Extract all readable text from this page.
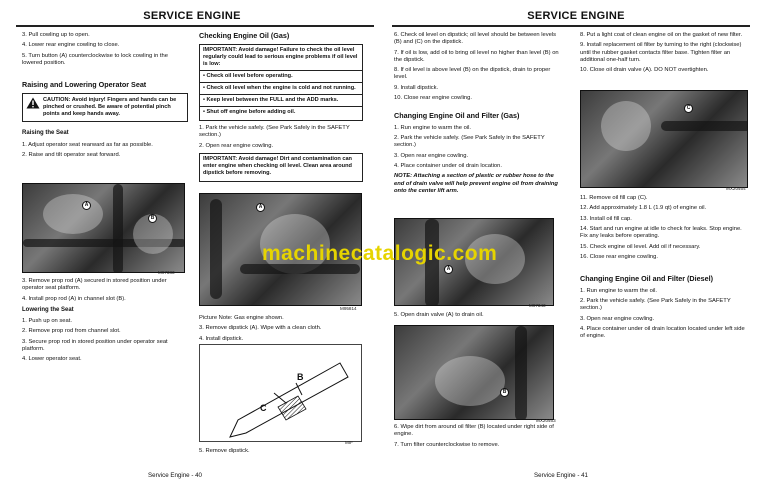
SERVICE ENGINE

3. Pull cowling up to open.

4. Lower rear engine cowling to close.

5. Turn button (A) counterclockwise to lock cowling in the lowered position.

Raising and Lowering Operator Seat
CAUTION: Avoid injury! Fingers and hands can be pinched or crushed. Be aware of potential pinch points and keep hands away.
Raising the Seat

1. Adjust operator seat rearward as far as possible.

2. Raise and tilt operator seat forward.

A
B
M97383

3. Remove prop rod (A) secured in stored position under operator seat platform.

4. Install prop rod (A) in channel slot (B).

Lowering the Seat

1. Push up on seat.

2. Remove prop rod from channel slot.

3. Secure prop rod in stored position under operator seat platform.

4. Lower operator seat.

Checking Engine Oil (Gas)

IMPORTANT: Avoid damage! Failure to check the oil level regularly could lead to serious engine problems if oil level is low:

• Check oil level before operating.

• Check oil level when the engine is cold and not running.

• Keep level between the FULL and the ADD marks.

• Shut off engine before adding oil.

1. Park the vehicle safely. (See Park Safely in the SAFETY section.)

2. Open rear engine cowling.

IMPORTANT: Avoid damage! Dirt and contamination can enter engine when checking oil level. Clean area around dipstick before removing.

A
M95814

Picture Note: Gas engine shown.

3. Remove dipstick (A). Wipe with a clean cloth.

4. Install dipstick.

C
B
MIF

5. Remove dipstick.

Service Engine - 40
SERVICE ENGINE

6. Check oil level on dipstick; oil level should be between levels (B) and (C) on the dipstick.

7. If oil is low, add oil to bring oil level no higher than level (B) on the dipstick.

8. If oil level is above level (B) on the dipstick, drain to proper level.

9. Install dipstick.

10. Close rear engine cowling.

Changing Engine Oil and Filter (Gas)

1. Run engine to warm the oil.

2. Park the vehicle safely. (See Park Safely in the SAFETY section.)

3. Open rear engine cowling.

4. Place container under oil drain location.

NOTE: Attaching a section of plastic or rubber hose to the end of drain valve will help prevent engine oil from draining onto the center lift arm.

A
M97343

5. Open drain valve (A) to drain oil.

B
MX20463

6. Wipe dirt from around oil filter (B) located under right side of engine.

7. Turn filter counterclockwise to remove.

8. Put a light coat of clean engine oil on the gasket of new filter.

9. Install replacement oil filter by turning to the right (clockwise) until the rubber gasket contacts filter base. Tighten filter an additional one-half turn.

10. Close oil drain valve (A). DO NOT overtighten.

C
MX20464

11. Remove oil fill cap (C).

12. Add approximately 1.8 L (1.9 qt) of engine oil.

13. Install oil fill cap.

14. Start and run engine at idle to check for leaks. Stop engine. Fix any leaks before operating.

15. Check engine oil level. Add oil if necessary.

16. Close rear engine cowling.

Changing Engine Oil and Filter (Diesel)

1. Run engine to warm the oil.

2. Park the vehicle safely. (See Park Safely in the SAFETY section.)

3. Open rear engine cowling.

4. Place container under oil drain location located under left side of engine.

Service Engine - 41
machinecatalogic.com
